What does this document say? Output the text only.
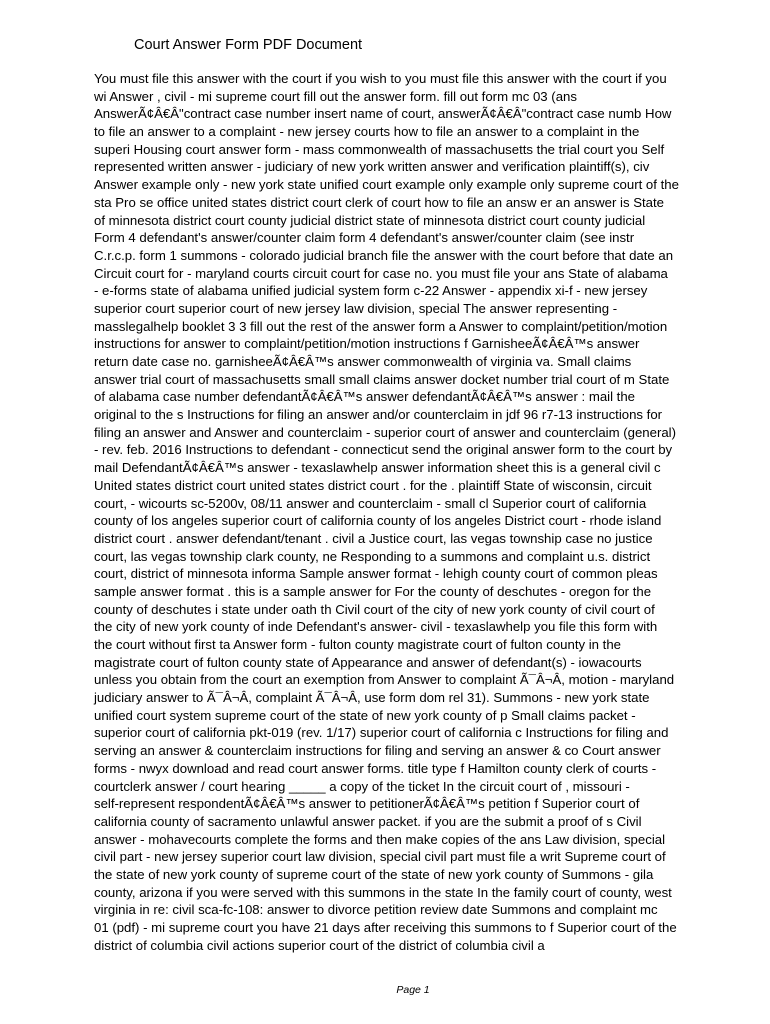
Court Answer Form PDF Document
You must file this answer with the court if you wish to you must file this answer with the court if you
wi Answer , civil - mi supreme court fill out the answer form. fill out form mc 03 (ans
AnswerÃ¢Â€Â"contract case number insert name of court, answerÃ¢Â€Â"contract case numb How
to file an answer to a complaint - new jersey courts how to file an answer to a complaint in the
superi Housing court answer form - mass commonwealth of massachusetts the trial court you Self
represented written answer - judiciary of new york written answer and verification plaintiff(s), civ
Answer example only - new york state unified court example only example only supreme court of the
sta Pro se office united states district court clerk of court how to file an answ er an answer is State
of minnesota district court county judicial district state of minnesota district court county judicial
Form 4 defendant's answer/counter claim form 4 defendant's answer/counter claim (see instr
C.r.c.p. form 1 summons - colorado judicial branch file the answer with the court before that date an
Circuit court for - maryland courts circuit court for case no. you must file your ans State of alabama
- e-forms state of alabama unified judicial system form c-22 Answer - appendix xi-f - new jersey
superior court superior court of new jersey law division, special The answer representing -
masslegalhelp booklet 3 3 fill out the rest of the answer form a Answer to complaint/petition/motion
instructions for answer to complaint/petition/motion instructions f GarnisheeÃ¢Â€Â™s answer
return date case no. garnisheeÃ¢Â€Â™s answer commonwealth of virginia va. Small claims
answer trial court of massachusetts small small claims answer docket number trial court of m State
of alabama case number defendantÃ¢Â€Â™s answer defendantÃ¢Â€Â™s answer : mail the
original to the s Instructions for filing an answer and/or counterclaim in jdf 96 r7-13 instructions for
filing an answer and Answer and counterclaim - superior court of answer and counterclaim (general)
- rev. feb. 2016 Instructions to defendant - connecticut send the original answer form to the court by
mail DefendantÃ¢Â€Â™s answer - texaslawhelp answer information sheet this is a general civil c
United states district court united states district court . for the . plaintiff State of wisconsin, circuit
court, - wicourts sc-5200v, 08/11 answer and counterclaim - small cl Superior court of california
county of los angeles superior court of california county of los angeles District court - rhode island
district court . answer defendant/tenant . civil a Justice court, las vegas township case no justice
court, las vegas township clark county, ne Responding to a summons and complaint u.s. district
court, district of minnesota informa Sample answer format - lehigh county court of common pleas
sample answer format . this is a sample answer for For the county of deschutes - oregon for the
county of deschutes i state under oath th Civil court of the city of new york county of civil court of
the city of new york county of inde Defendant's answer- civil - texaslawhelp you file this form with
the court without first ta Answer form - fulton county magistrate court of fulton county in the
magistrate court of fulton county state of Appearance and answer of defendant(s) - iowacourts
unless you obtain from the court an exemption from Answer to complaint Ã¯Â¬Â, motion - maryland
judiciary answer to Ã¯Â¬Â, complaint Ã¯Â¬Â, use form dom rel 31). Summons - new york state
unified court system supreme court of the state of new york county of p Small claims packet -
superior court of california pkt-019 (rev. 1/17) superior court of california c Instructions for filing and
serving an answer & counterclaim instructions for filing and serving an answer & co Court answer
forms - nwyx download and read court answer forms. title type f Hamilton county clerk of courts -
courtclerk answer / court hearing _____ a copy of the ticket In the circuit court of , missouri -
self-represent respondentÃ¢Â€Â™s answer to petitionerÃ¢Â€Â™s petition f Superior court of
california county of sacramento unlawful answer packet. if you are the submit a proof of s Civil
answer - mohavecourts complete the forms and then make copies of the ans Law division, special
civil part - new jersey superior court law division, special civil part must file a writ Supreme court of
the state of new york county of supreme court of the state of new york county of Summons - gila
county, arizona if you were served with this summons in the state In the family court of county, west
virginia in re: civil sca-fc-108: answer to divorce petition review date Summons and complaint mc
01 (pdf) - mi supreme court you have 21 days after receiving this summons to f Superior court of the
district of columbia civil actions superior court of the district of columbia civil a
Page 1
